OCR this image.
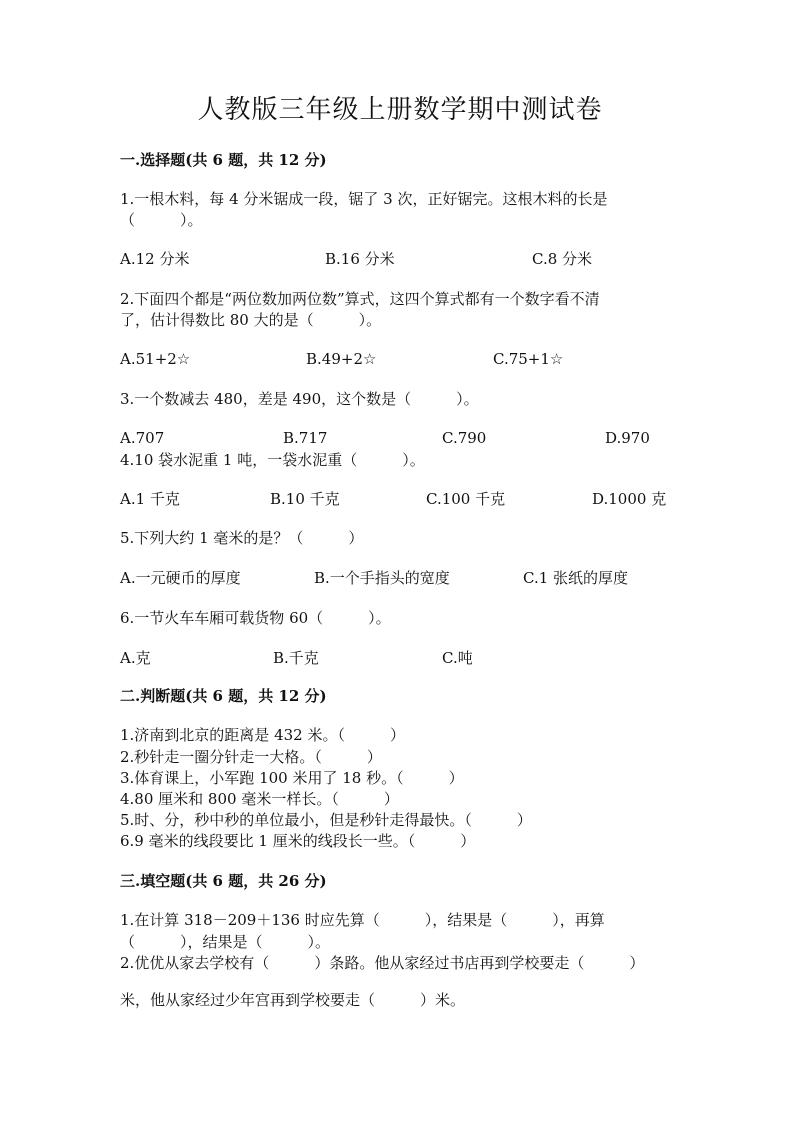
人教版三年级上册数学期中测试卷
一.选择题(共 6 题，共 12 分)
1.一根木料，每 4 分米锯成一段，锯了 3 次，正好锯完。这根木料的长是
（　　　）。
A.12 分米	B.16 分米	C.8 分米
2.下面四个都是“两位数加两位数”算式，这四个算式都有一个数字看不清
了，估计得数比 80 大的是（　　　）。
A.51+2☆	B.49+2☆	C.75+1☆
3.一个数减去 480，差是 490，这个数是（　　　）。
A.707	B.717	C.790	D.970
4.10 袋水泥重 1 吨，一袋水泥重（　　　）。
A.1 千克	B.10 千克	C.100 千克	D.1000 克
5.下列大约 1 毫米的是？（　　　）
A.一元硬币的厚度	B.一个手指头的宽度	C.1 张纸的厚度
6.一节火车车厢可载货物 60（　　　）。
A.克	B.千克	C.吨
二.判断题(共 6 题，共 12 分)
1.济南到北京的距离是 432 米。（　　　）
2.秒针走一圈分针走一大格。（　　　）
3.体育课上，小军跑 100 米用了 18 秒。（　　　）
4.80 厘米和 800 毫米一样长。（　　　）
5.时、分，秒中秒的单位最小，但是秒针走得最快。（　　　）
6.9 毫米的线段要比 1 厘米的线段长一些。（　　　）
三.填空题(共 6 题，共 26 分)
1.在计算 318－209＋136 时应先算（　　　），结果是（　　　），再算
（　　　），结果是（　　　）。
2.优优从家去学校有（　　　）条路。他从家经过书店再到学校要走（　　　）
米，他从家经过少年宫再到学校要走（　　　）米。
